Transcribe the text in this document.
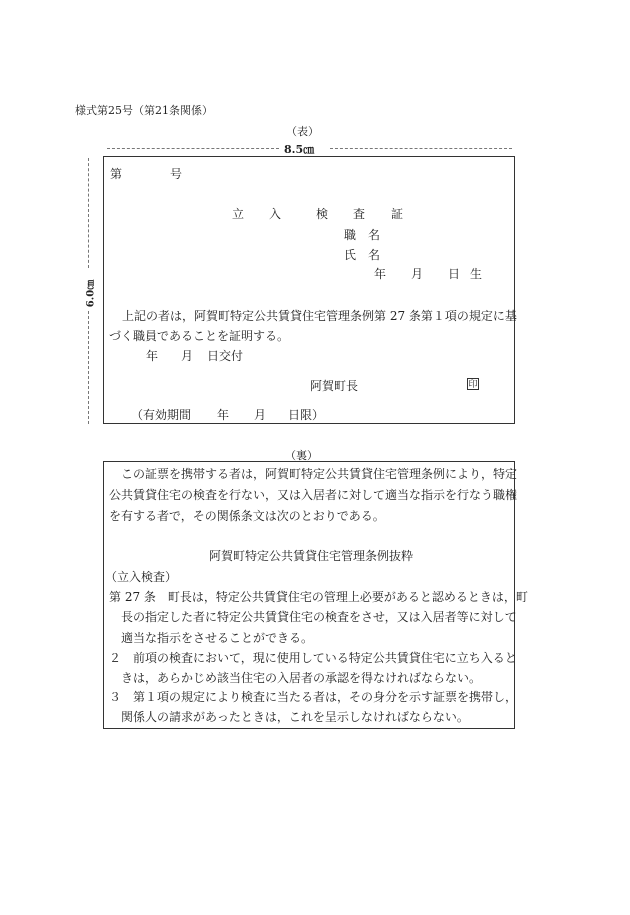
様式第25号（第21条関係）
（表）
8.5㎝
6.0㎝
第	号
立 入	検 査 証
職　名
氏　名
年 月 日 生
上記の者は，阿賀町特定公共賃貸住宅管理条例第 27 条第１項の規定に基
づく職員であることを証明する。
年 月 日交付
阿賀町長	印
（有効期間 年 月 日限）
（裏）
この証票を携帯する者は，阿賀町特定公共賃貸住宅管理条例により，特定
公共賃貸住宅の検査を行ない，又は入居者に対して適当な指示を行なう職権
を有する者で，その関係条文は次のとおりである。
阿賀町特定公共賃貸住宅管理条例抜粋
（立入検査）
第 27 条　町長は，特定公共賃貸住宅の管理上必要があると認めるときは，町
長の指定した者に特定公共賃貸住宅の検査をさせ，又は入居者等に対して
適当な指示をさせることができる。
２　前項の検査において，現に使用している特定公共賃貸住宅に立ち入ると
きは，あらかじめ該当住宅の入居者の承認を得なければならない。
３　第１項の規定により検査に当たる者は，その身分を示す証票を携帯し，
関係人の請求があったときは，これを呈示しなければならない。
